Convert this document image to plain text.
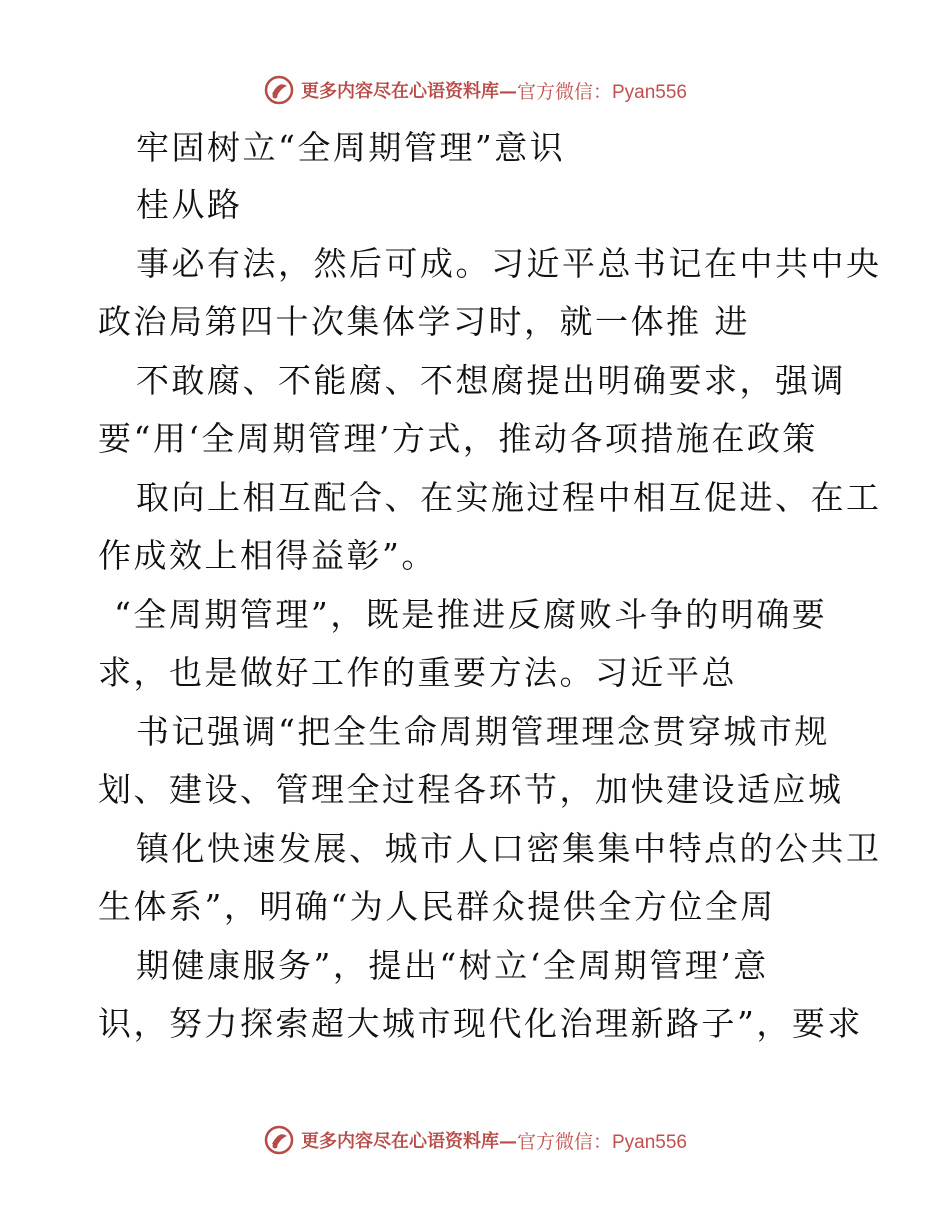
更多内容尽在心语资料库— 官方微信：Pyan556
牢固树立“全周期管理”意识
桂从路
事必有法，然后可成。习近平总书记在中共中央
政治局第四十次集体学习时，就一体推 进
不敢腐、不能腐、不想腐提出明确要求，强调
要“用‘全周期管理’方式，推动各项措施在政策
取向上相互配合、在实施过程中相互促进、在工
作成效上相得益彰”。
“全周期管理”，既是推进反腐败斗争的明确要
求，也是做好工作的重要方法。习近平总
书记强调“把全生命周期管理理念贯穿城市规
划、建设、管理全过程各环节，加快建设适应城
镇化快速发展、城市人口密集集中特点的公共卫
生体系”，明确“为人民群众提供全方位全周
期健康服务”，提出“树立‘全周期管理’意
识，努力探索超大城市现代化治理新路子”，要求
更多内容尽在心语资料库— 官方微信：Pyan556
